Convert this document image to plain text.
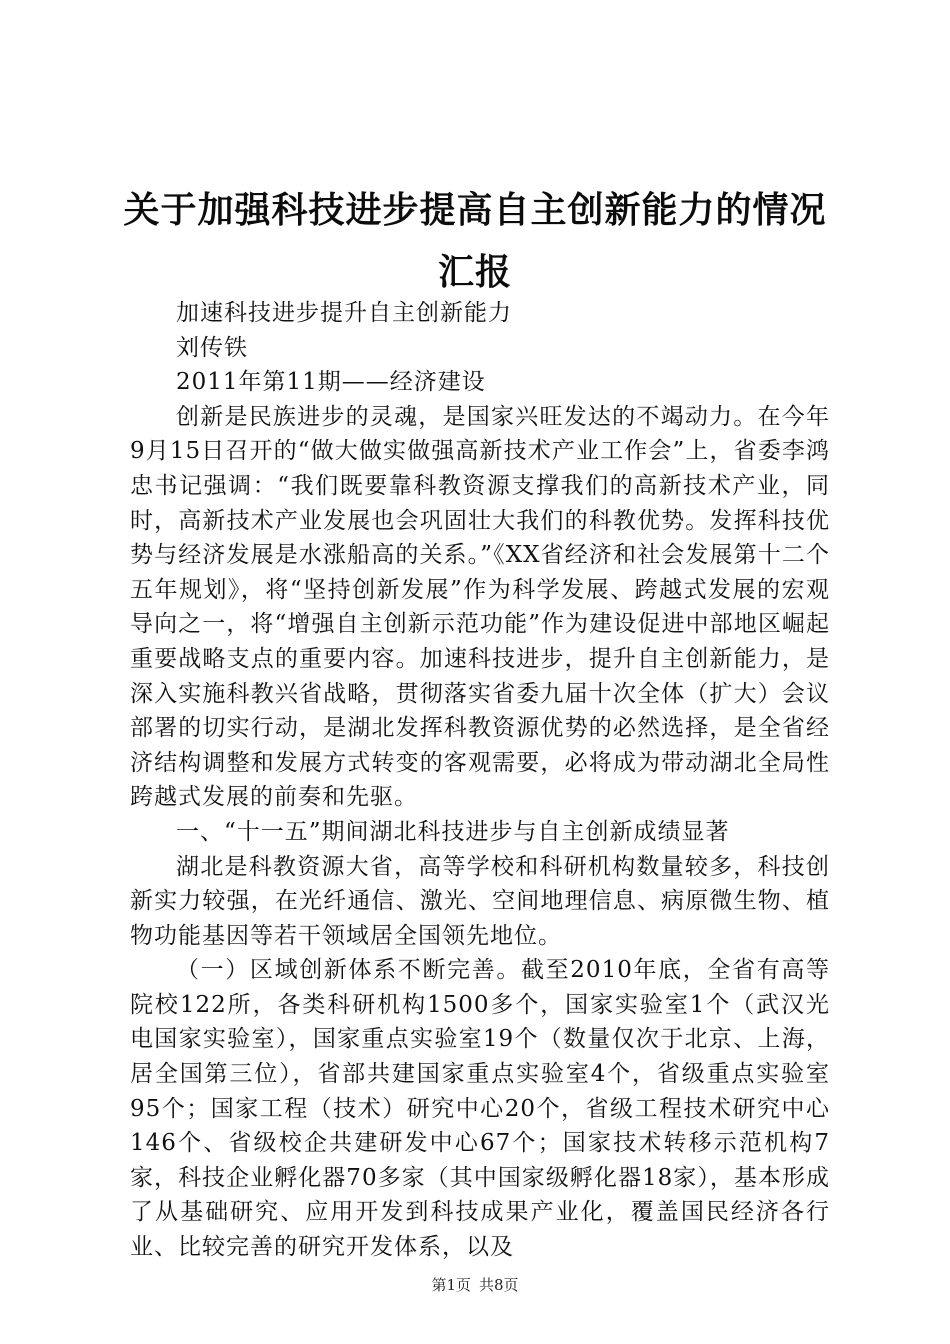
关于加强科技进步提高自主创新能力的情况汇报

加速科技进步提升自主创新能力

刘传铁

2011年第11期——经济建设

创新是民族进步的灵魂，是国家兴旺发达的不竭动力。在今年9月15日召开的“做大做实做强高新技术产业工作会”上，省委李鸿忠书记强调：“我们既要靠科教资源支撑我们的高新技术产业，同时，高新技术产业发展也会巩固壮大我们的科教优势。发挥科技优势与经济发展是水涨船高的关系。”《XX省经济和社会发展第十二个五年规划》，将“坚持创新发展”作为科学发展、跨越式发展的宏观导向之一，将“增强自主创新示范功能”作为建设促进中部地区崛起重要战略支点的重要内容。加速科技进步，提升自主创新能力，是深入实施科教兴省战略，贯彻落实省委九届十次全体（扩大）会议部署的切实行动，是湖北发挥科教资源优势的必然选择，是全省经济结构调整和发展方式转变的客观需要，必将成为带动湖北全局性跨越式发展的前奏和先驱。

一、“十一五”期间湖北科技进步与自主创新成绩显著

湖北是科教资源大省，高等学校和科研机构数量较多，科技创新实力较强，在光纤通信、激光、空间地理信息、病原微生物、植物功能基因等若干领域居全国领先地位。

（一）区域创新体系不断完善。截至2010年底，全省有高等院校122所，各类科研机构1500多个，国家实验室1个（武汉光电国家实验室），国家重点实验室19个（数量仅次于北京、上海，居全国第三位），省部共建国家重点实验室4个，省级重点实验室95个；国家工程（技术）研究中心20个，省级工程技术研究中心146个、省级校企共建研发中心67个；国家技术转移示范机构7家，科技企业孵化器70多家（其中国家级孵化器18家），基本形成了从基础研究、应用开发到科技成果产业化，覆盖国民经济各行业、比较完善的研究开发体系，以及

第1页 共8页
